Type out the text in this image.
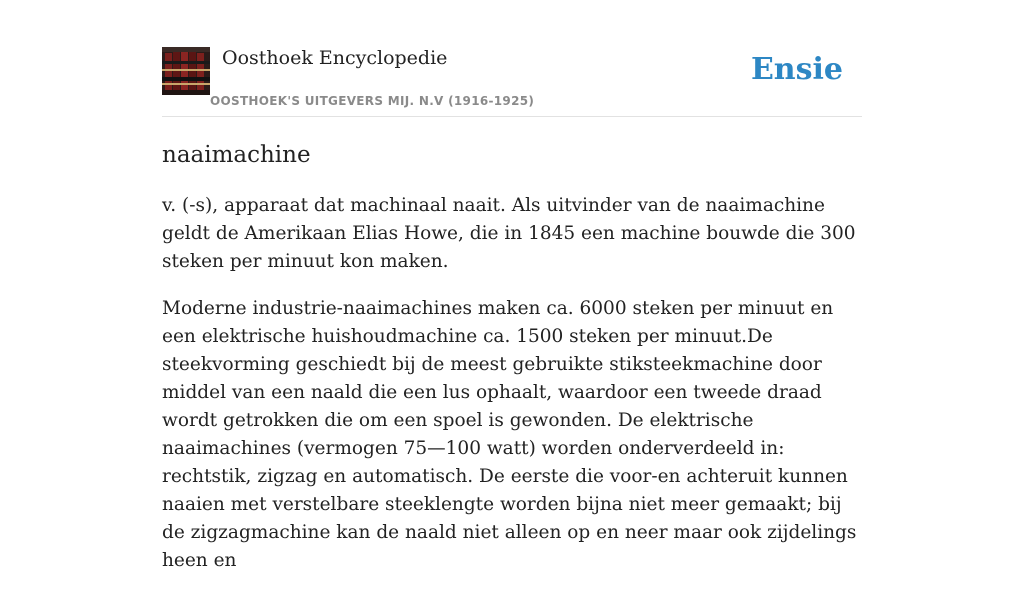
Oosthoek Encyclopedie
OOSTHOEK'S UITGEVERS MIJ. N.V (1916-1925)
Ensie
naaimachine

v. (-s), apparaat dat machinaal naait. Als uitvinder van de naaimachine geldt de Amerikaan Elias Howe, die in 1845 een machine bouwde die 300 steken per minuut kon maken.

Moderne industrie-naaimachines maken ca. 6000 steken per minuut en een elektrische huishoudmachine ca. 1500 steken per minuut.De steekvorming geschiedt bij de meest gebruikte stiksteekmachine door middel van een naald die een lus ophaalt, waardoor een tweede draad wordt getrokken die om een spoel is gewonden. De elektrische naaimachines (vermogen 75—100 watt) worden onderverdeeld in: rechtstik, zigzag en automatisch. De eerste die voor-en achteruit kunnen naaien met verstelbare steeklengte worden bijna niet meer gemaakt; bij de zigzagmachine kan de naald niet alleen op en neer maar ook zijdelings heen en
